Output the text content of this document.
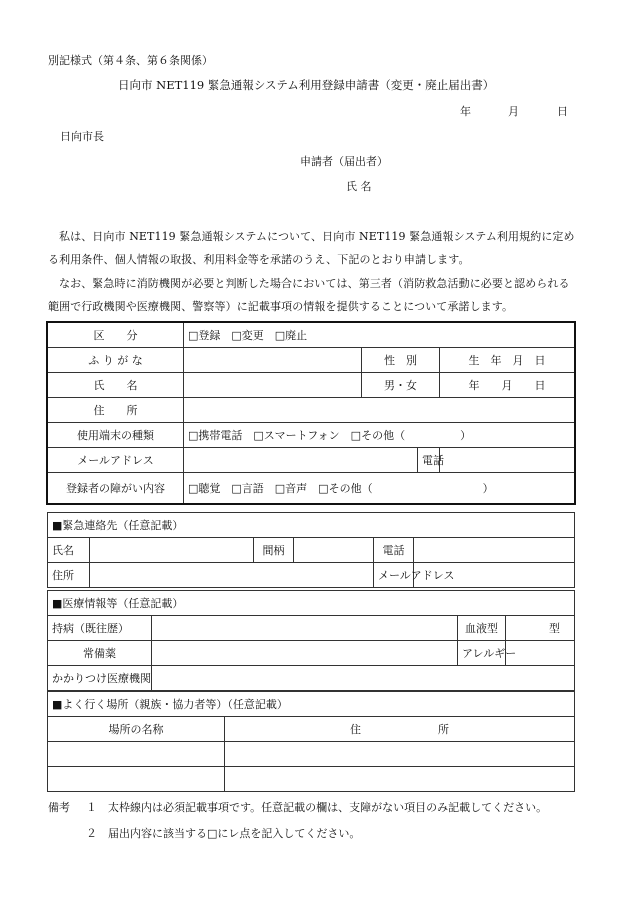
別記様式（第４条、第６条関係）
日向市 NET119 緊急通報システム利用登録申請書（変更・廃止届出書）
年	月	日
日向市長
申請者（届出者）
氏 名

私は、日向市 NET119 緊急通報システムについて、日向市 NET119 緊急通報システム利用規約に定める利用条件、個人情報の取扱、利用料金等を承諾のうえ、下記のとおり申請します。

なお、緊急時に消防機関が必要と判断した場合においては、第三者（消防救急活動に必要と認められる範囲で行政機関や医療機関、警察等）に記載事項の情報を提供することについて承諾します。

区　　分	□登録　□変更　□廃止			
ふ り が な		性　別		生　年　月　日
氏　　名		男・女		年　　月　　日
住　　所				
使用端末の種類	□携帯電話　□スマートフォン　□その他（　　　　　）			
メールアドレス			電話	
登録者の障がい内容	□聴覚　□言語　□音声　□その他（　　　　　　　　　　）			
■緊急連絡先（任意記載）					
氏名		間柄		電話	
住所				メールアドレス	
■医療情報等（任意記載）			
持病（既往歴）		血液型	型
常備薬		アレルギー	
かかりつけ医療機関			
■よく行く場所（親族・協力者等）（任意記載）	
場所の名称	住　　　　　　　所

備考 １ 太枠線内は必須記載事項です。任意記載の欄は、支障がない項目のみ記載してください。
２ 届出内容に該当する□にレ点を記入してください。
